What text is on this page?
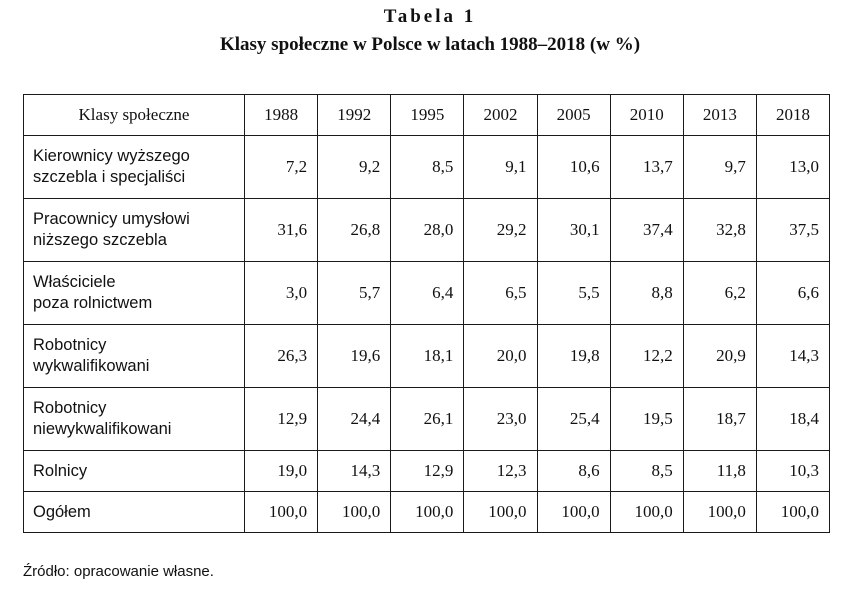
Tabela 1
Klasy społeczne w Polsce w latach 1988–2018 (w %)
Klasy społeczne	1988	1992	1995	2002	2005	2010	2013	2018
Kierownicy wyższego
szczebla i specjaliści	7,2	9,2	8,5	9,1	10,6	13,7	9,7	13,0
Pracownicy umysłowi
niższego szczebla	31,6	26,8	28,0	29,2	30,1	37,4	32,8	37,5
Właściciele
poza rolnictwem	3,0	5,7	6,4	6,5	5,5	8,8	6,2	6,6
Robotnicy
wykwalifikowani	26,3	19,6	18,1	20,0	19,8	12,2	20,9	14,3
Robotnicy
niewykwalifikowani	12,9	24,4	26,1	23,0	25,4	19,5	18,7	18,4
Rolnicy	19,0	14,3	12,9	12,3	8,6	8,5	11,8	10,3
Ogółem	100,0	100,0	100,0	100,0	100,0	100,0	100,0	100,0
Źródło: opracowanie własne.
